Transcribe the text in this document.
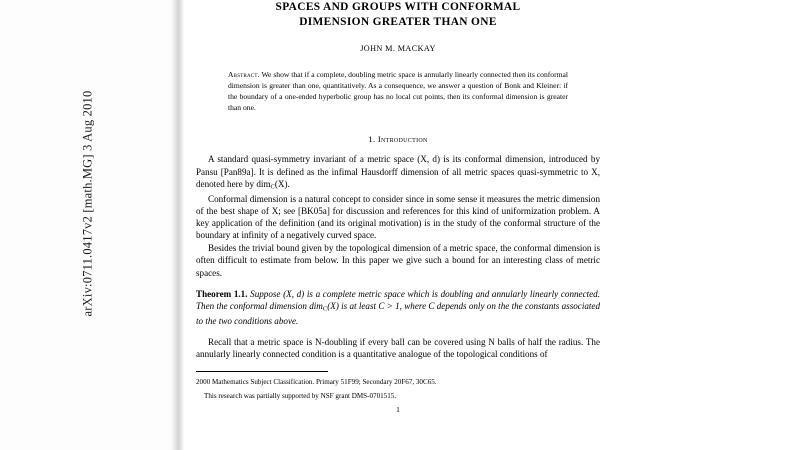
arXiv:0711.0417v2 [math.MG] 3 Aug 2010
SPACES AND GROUPS WITH CONFORMAL
DIMENSION GREATER THAN ONE
JOHN M. MACKAY
Abstract. We show that if a complete, doubling metric space is annularly linearly connected then its conformal dimension is greater than one, quantitatively. As a consequence, we answer a question of Bonk and Kleiner: if the boundary of a one-ended hyperbolic group has no local cut points, then its conformal dimension is greater than one.
1. Introduction

A standard quasi-symmetry invariant of a metric space (X, d) is its conformal dimension, introduced by Pansu [Pan89a]. It is defined as the infimal Hausdorff dimension of all metric spaces quasi-symmetric to X, denoted here by dim$_C$(X).

Conformal dimension is a natural concept to consider since in some sense it measures the metric dimension of the best shape of X; see [BK05a] for discussion and references for this kind of uniformization problem. A key application of the definition (and its original motivation) is in the study of the conformal structure of the boundary at infinity of a negatively curved space.

Besides the trivial bound given by the topological dimension of a metric space, the conformal dimension is often difficult to estimate from below. In this paper we give such a bound for an interesting class of metric spaces.

Theorem 1.1. Suppose (X, d) is a complete metric space which is doubling and annularly linearly connected. Then the conformal dimension dim$_C$(X) is at least C > 1, where C depends only on the the constants associated to the two conditions above.

Recall that a metric space is N-doubling if every ball can be covered using N balls of half the radius. The annularly linearly connected condition is a quantitative analogue of the topological conditions of

2000 Mathematics Subject Classification. Primary 51F99; Secondary 20F67, 30C65.

This research was partially supported by NSF grant DMS-0701515.

1
